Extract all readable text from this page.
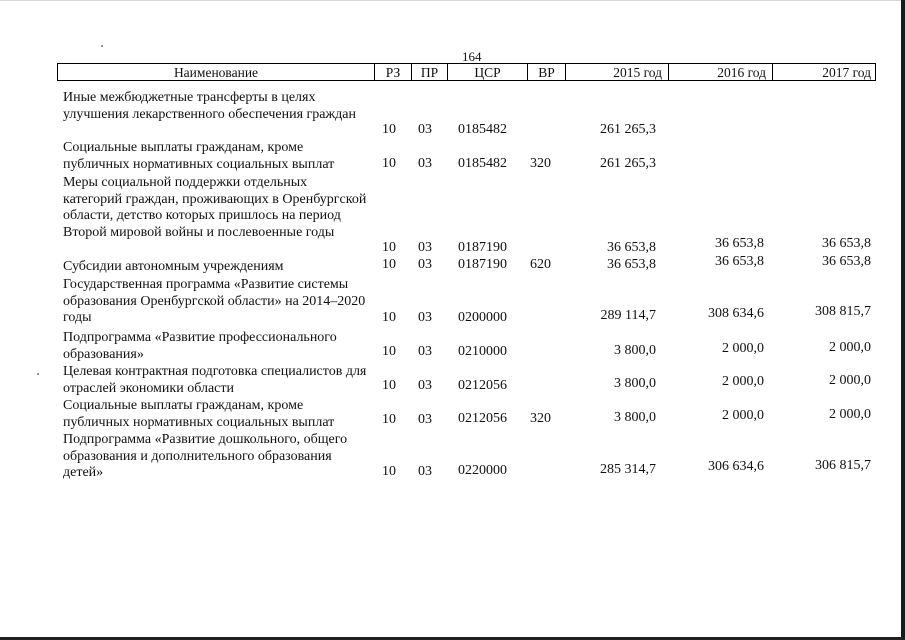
164
Наименование	РЗ	ПР	ЦСР	ВР	2015 год	2016 год	2017 год
Иные межбюджетные трансферты в целях улучшения лекарственного обеспечения граждан
10 03 0185482	261 265,3
Социальные выплаты гражданам, кроме публичных нормативных социальных выплат	10 03 0185482 320	261 265,3
Меры социальной поддержки отдельных категорий граждан, проживающих в Оренбургской области, детство которых пришлось на период Второй мировой войны и послевоенные годы
10 03 0187190	36 653,8	36 653,8	36 653,8
Субсидии автономным учреждениям	10 03 0187190 620	36 653,8	36 653,8	36 653,8
Государственная программа «Развитие системы образования Оренбургской области» на 2014–2020 годы	10 03 0200000	289 114,7	308 634,6	308 815,7
Подпрограмма «Развитие профессионального образования»	10 03 0210000	3 800,0	2 000,0	2 000,0
Целевая контрактная подготовка специалистов для отраслей экономики области	10 03 0212056	3 800,0	2 000,0	2 000,0
Социальные выплаты гражданам, кроме публичных нормативных социальных выплат	10 03 0212056 320	3 800,0	2 000,0	2 000,0
Подпрограмма «Развитие дошкольного, общего образования и дополнительного образования детей»	10 03 0220000	285 314,7	306 634,6	306 815,7
